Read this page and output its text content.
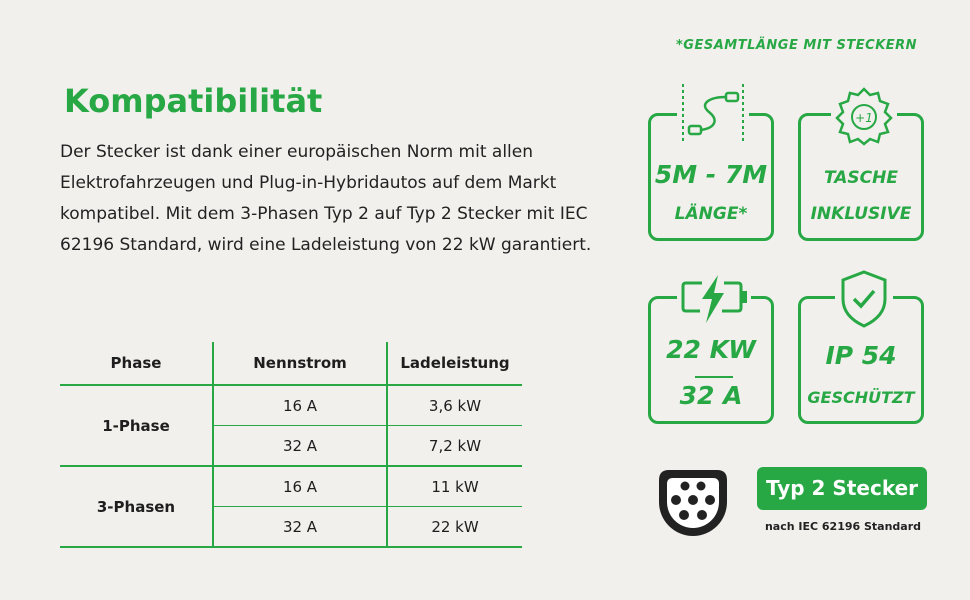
Kompatibilität
Der Stecker ist dank einer europäischen Norm mit allen Elektrofahrzeugen und Plug-in-Hybridautos auf dem Markt kompatibel. Mit dem 3-Phasen Typ 2 auf Typ 2 Stecker mit IEC 62196 Standard, wird eine Ladeleistung von 22 kW garantiert.
Phase	Nennstrom	Ladeleistung
1-Phase	16 A	3,6 kW
	32 A	7,2 kW
3-Phasen	16 A	11 kW
	32 A	22 kW
*GESAMTLÄNGE MIT STECKERN
5M - 7M
LÄNGE*
+1
TASCHE
INKLUSIVE
22 KW
32 A
IP 54
GESCHÜTZT
Typ 2 Stecker
nach IEC 62196 Standard
